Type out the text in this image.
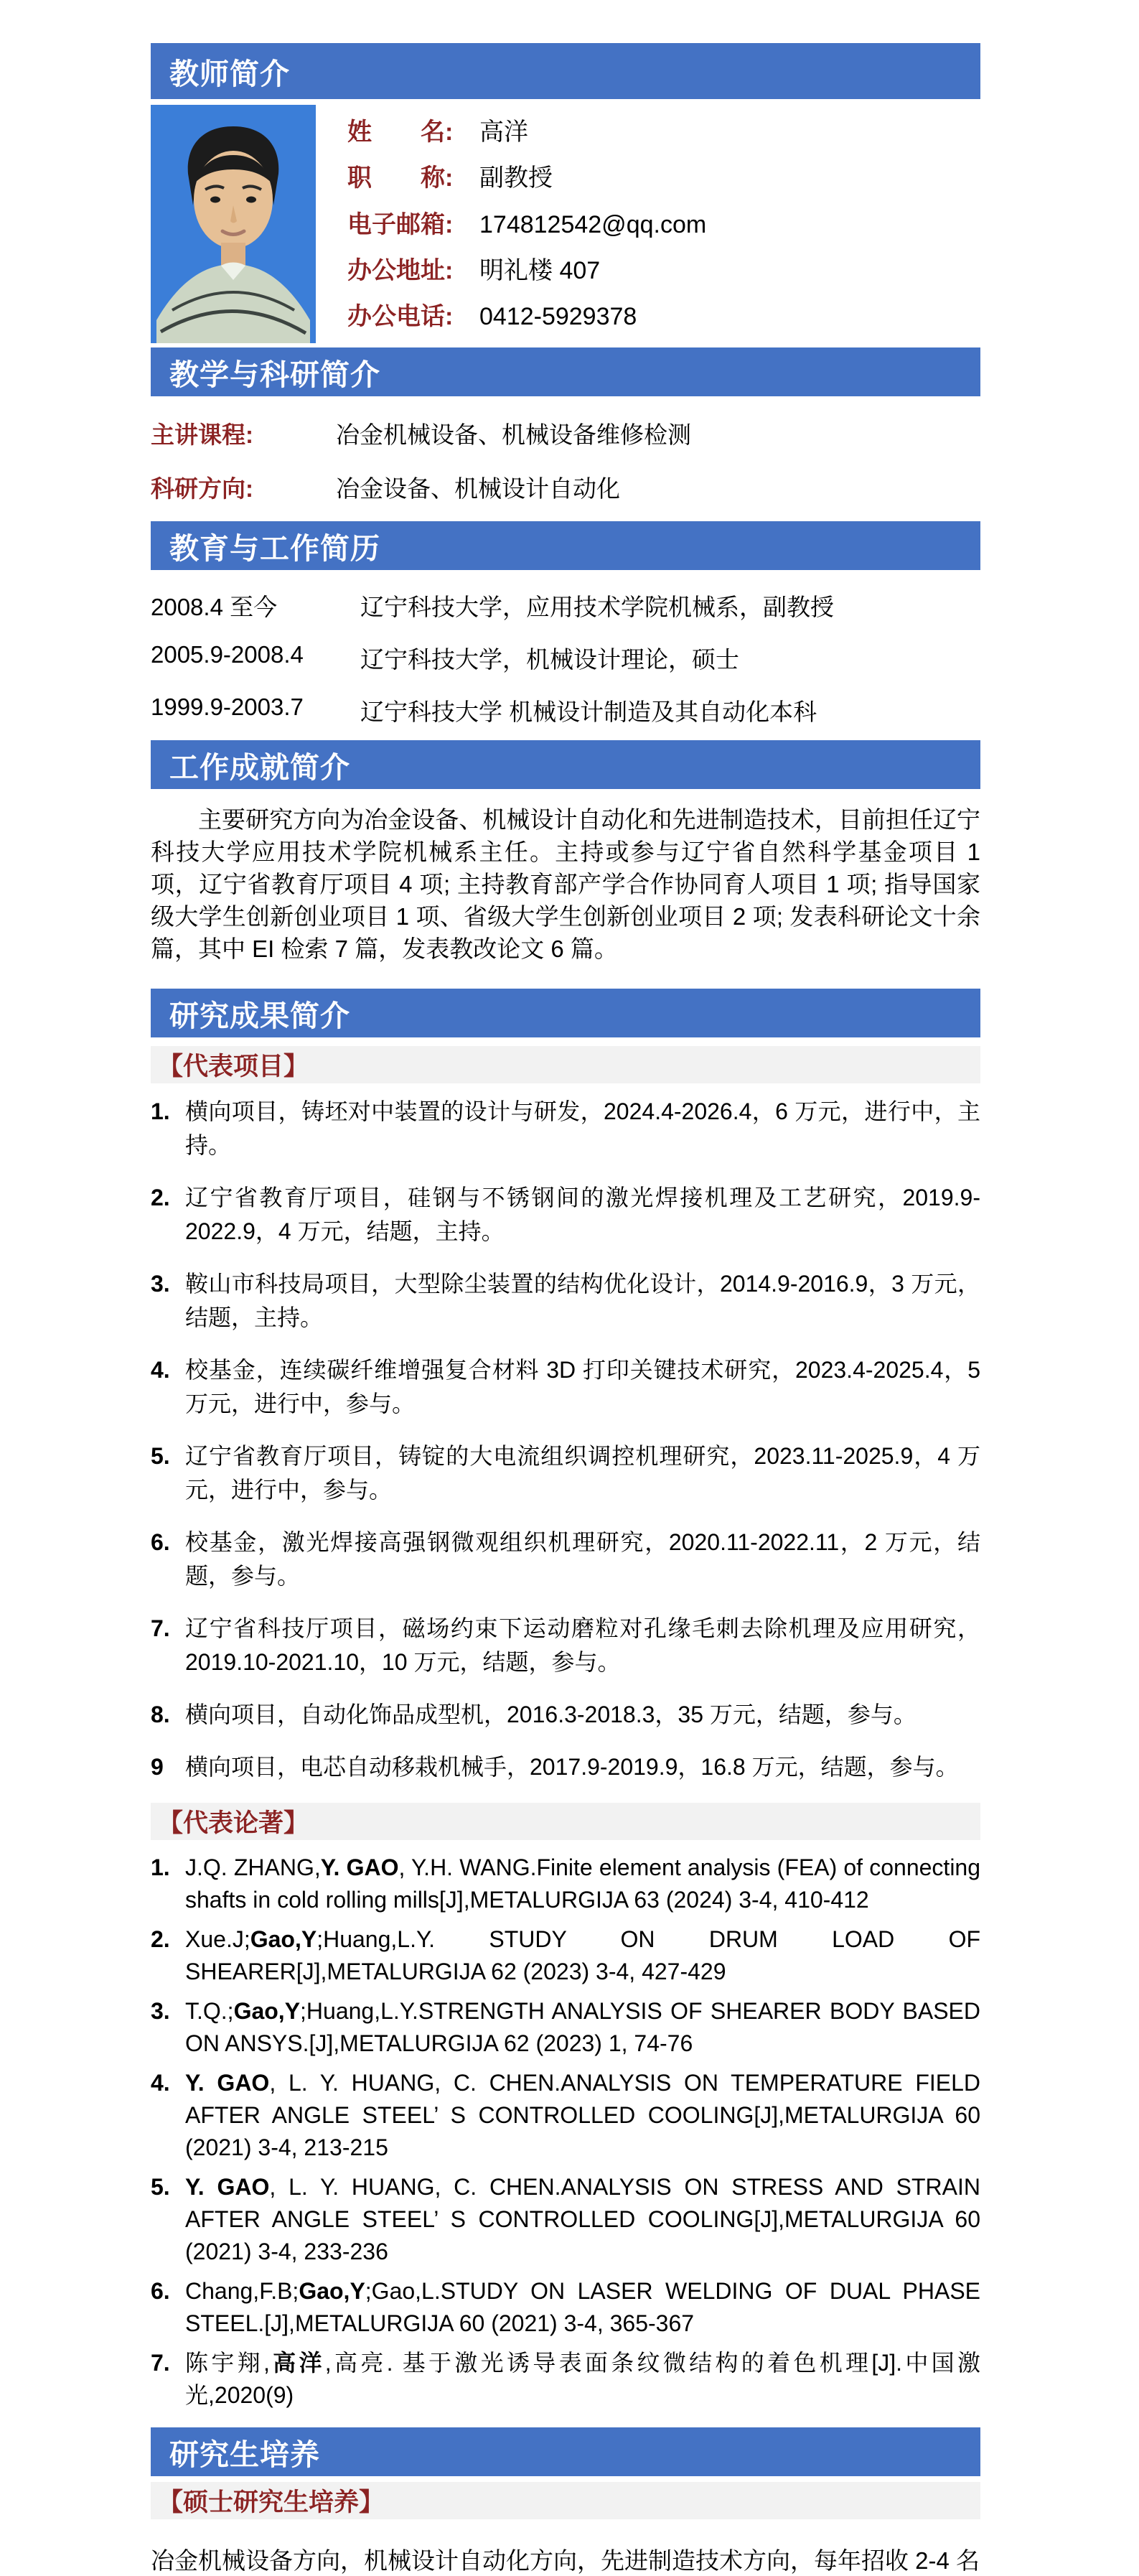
教师简介
姓　　名:	高洋
职　　称:	副教授
电子邮箱:	174812542@qq.com
办公地址:	明礼楼 407
办公电话:	0412-5929378
教学与科研简介
主讲课程:	冶金机械设备、机械设备维修检测
科研方向:	冶金设备、机械设计自动化
教育与工作简历
2008.4 至今	辽宁科技大学，应用技术学院机械系，副教授
2005.9-2008.4	辽宁科技大学，机械设计理论，硕士
1999.9-2003.7	辽宁科技大学 机械设计制造及其自动化本科
工作成就简介

主要研究方向为冶金设备、机械设计自动化和先进制造技术，目前担任辽宁科技大学应用技术学院机械系主任。主持或参与辽宁省自然科学基金项目 1 项，辽宁省教育厅项目 4 项; 主持教育部产学合作协同育人项目 1 项; 指导国家级大学生创新创业项目 1 项、省级大学生创新创业项目 2 项; 发表科研论文十余篇，其中 EI 检索 7 篇，发表教改论文 6 篇。

研究成果简介
【代表项目】
1. 横向项目，铸坯对中装置的设计与研发，2024.4-2026.4，6 万元，进行中，主持。
2. 辽宁省教育厅项目，硅钢与不锈钢间的激光焊接机理及工艺研究，2019.9-2022.9，4 万元，结题，主持。
3. 鞍山市科技局项目，大型除尘装置的结构优化设计，2014.9-2016.9，3 万元，结题，主持。
4. 校基金，连续碳纤维增强复合材料 3D 打印关键技术研究，2023.4-2025.4，5 万元，进行中，参与。
5. 辽宁省教育厅项目，铸锭的大电流组织调控机理研究，2023.11-2025.9，4 万元，进行中，参与。
6. 校基金，激光焊接高强钢微观组织机理研究，2020.11-2022.11，2 万元，结题，参与。
7. 辽宁省科技厅项目，磁场约束下运动磨粒对孔缘毛刺去除机理及应用研究，2019.10-2021.10，10 万元，结题，参与。
8. 横向项目，自动化饰品成型机，2016.3-2018.3，35 万元，结题，参与。
9 横向项目，电芯自动移栽机械手，2017.9-2019.9，16.8 万元，结题，参与。
【代表论著】
1. J.Q. ZHANG,Y. GAO, Y.H. WANG.Finite element analysis (FEA) of connecting shafts in cold rolling mills[J],METALURGIJA 63 (2024) 3-4, 410-412
2. Xue.J;Gao,Y;Huang,L.Y. STUDY ON DRUM LOAD OF SHEARER[J],METALURGIJA 62 (2023) 3-4, 427-429
3. T.Q.;Gao,Y;Huang,L.Y.STRENGTH ANALYSIS OF SHEARER BODY BASED ON ANSYS.[J],METALURGIJA 62 (2023) 1, 74-76
4. Y. GAO, L. Y. HUANG, C. CHEN.ANALYSIS ON TEMPERATURE FIELD AFTER ANGLE STEEL’ S CONTROLLED COOLING[J],METALURGIJA 60 (2021) 3-4, 213-215
5. Y. GAO, L. Y. HUANG, C. CHEN.ANALYSIS ON STRESS AND STRAIN AFTER ANGLE STEEL’ S CONTROLLED COOLING[J],METALURGIJA 60 (2021) 3-4, 233-236
6. Chang,F.B;Gao,Y;Gao,L.STUDY ON LASER WELDING OF DUAL PHASE STEEL.[J],METALURGIJA 60 (2021) 3-4, 365-367
7. 陈宇翔,高洋,高亮. 基于激光诱导表面条纹微结构的着色机理[J].中国激光,2020(9)
研究生培养
【硕士研究生培养】

冶金机械设备方向，机械设计自动化方向，先进制造技术方向，每年招收 2-4 名
